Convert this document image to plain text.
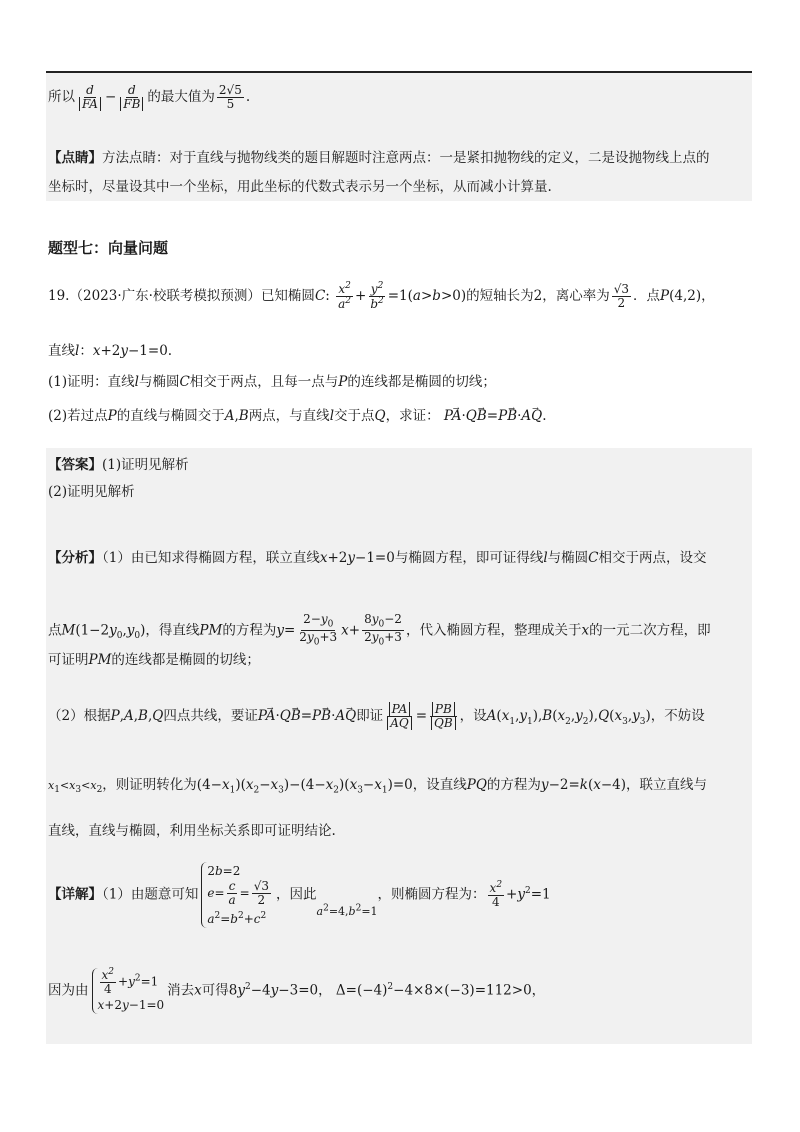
所以 $\frac{d}{FA} - \frac{d}{FB}$ 的最大值为 $\frac{2√5}{5}$ .
【点睛】方法点睛：对于直线与抛物线类的题目解题时注意两点：一是紧扣抛物线的定义，二是设抛物线上点的
坐标时，尽量设其中一个坐标，用此坐标的代数式表示另一个坐标，从而减小计算量.
题型七：向量问题
19.（2023·广东·校联考模拟预测）已知椭圆C: $\frac{x^2}{a^2} + \frac{y^2}{b^2} =1(a>b>0)$的短轴长为2，离心率为 $\frac{√3}{2}$ ．点P(4,2)，
直线l：x+2y−1=0.
(1)证明：直线l与椭圆C相交于两点，且每一点与P的连线都是椭圆的切线；
(2)若过点P的直线与椭圆交于A,B两点，与直线l交于点Q，求证： PA →·QB →=PB →·AQ →.
【答案】(1)证明见解析
(2)证明见解析
【分析】（1）由已知求得椭圆方程，联立直线x+2y−1=0与椭圆方程，即可证得线l与椭圆C相交于两点，设交
点$M(1-2y_0,y_0)$，得直线PM的方程为$y= \frac{2-y_0}{2y_0+3} x+ \frac{8y_0-2}{2y_0+3}$ ，代入椭圆方程，整理成关于x的一元二次方程，即
可证明PM的连线都是椭圆的切线；
（2）根据P,A,B,Q四点共线，要证PA →·QB →=PB →·AQ →即证 $\frac{PA}{AQ} = \frac{PB}{QB}$ ，设$A(x_1,y_1),B(x_2,y_2),Q(x_3,y_3)$，不妨设
$x_1<x_3<x_2$，则证明转化为$(4-x_1)(x_2-x_3)-(4-x_2)(x_3-x_1)=0$，设直线PQ的方程为y−2=k(x−4)，联立直线与
直线，直线与椭圆，利用坐标关系即可证明结论.
【详解】（1）由题意可知
2b=2
$e= \frac{c}{a} = \frac{√3}{2}$
$a^2=b^2+c^2$
，因此$_{a^2=4,b^2=1}$，则椭圆方程为： $\frac{x^2}{4} +y^2=1$
因为由 $\frac{x^2}{4} +y^2=1$
x+2y−1=0
消去x可得$8y^2-4y-3=0$， $\Delta=(-4)^2-4\times 8\times(-3)=112>0$，
